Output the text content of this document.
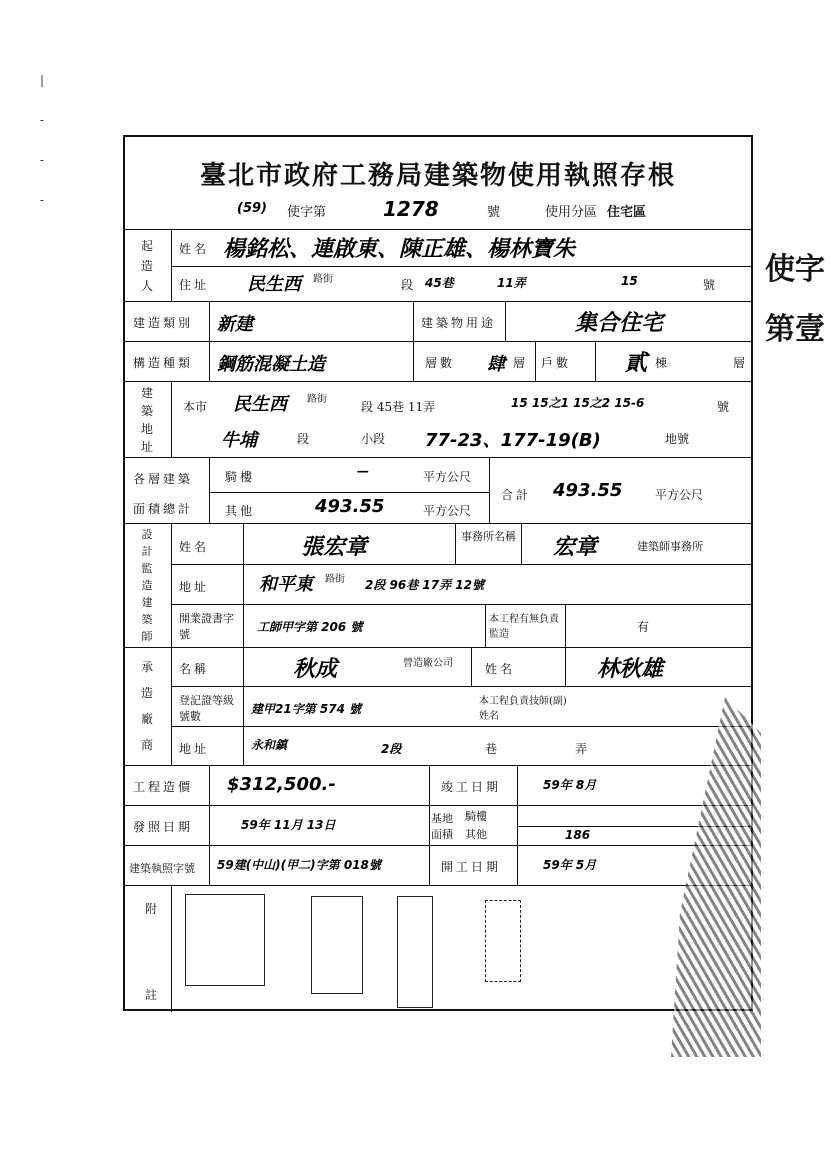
|
-
-
-
臺北市政府工務局建築物使用執照存根
(59) 使字第	1278	號	使用分區 住宅區
起
造
人
姓名 楊銘松、連啟東、陳正雄、楊林寶朱
住址 民生西 路街	段 45巷	11弄	15	號
建造類別 新建	建築物用途	集合住宅
構造種類 鋼筋混凝土造	層數 肆 層 戶數 貳 棟	層
建
築
地
址
本市 民生西 路街
段 45巷 11弄	15 15之1 15之2 15-6	號
牛埔	段	小段 77-23、177-19(B)	地號
各層建築
面積總計
騎樓	—	平方公尺
其他	493.55	平方公尺
合計 493.55	平方公尺
設
計
監
造
建
築
師
姓名	張宏章	事務所名稱 宏章	建築師事務所
地址	和平東 路街 2段 96巷 17弄 12號
開業證書字號
工師甲字第 206 號
本工程有無負責監造
有
承
造
廠
商
名稱	秋成	營造廠公司	姓名	林秋雄
登記證等級號數
建甲21字第 574 號
本工程負責技師(副)姓名
地址	永和鎮	2段	巷	弄
工程造價 $312,500.-	竣工日期	59年 8月
發照日期	59年 11月 13日	基地面積
騎樓
其他	186
建築執照字號 59建(中山)(甲二)字第 018號	開工日期	59年 5月
附
註
使字第壹
